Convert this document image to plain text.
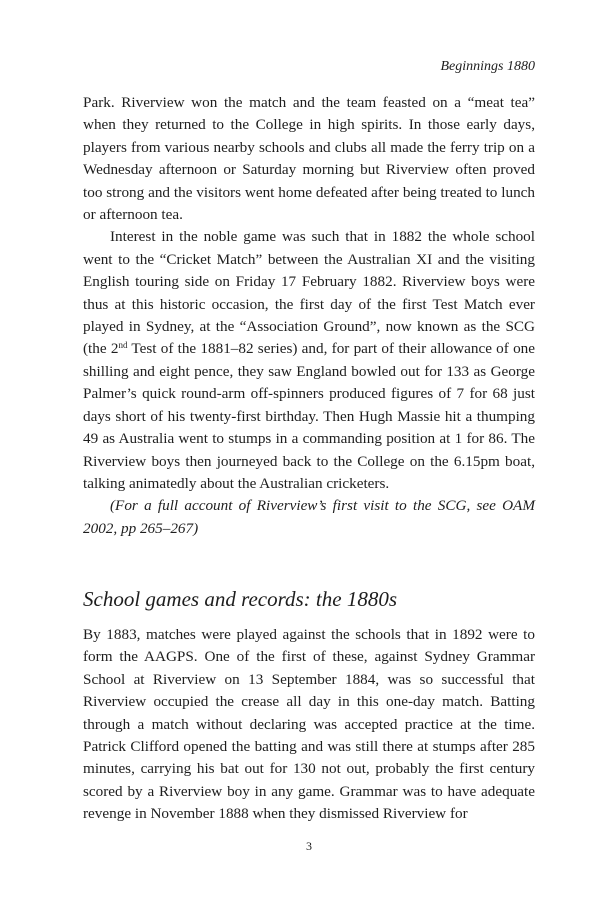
Beginnings 1880

Park. Riverview won the match and the team feasted on a “meat tea” when they returned to the College in high spirits. In those early days, players from various nearby schools and clubs all made the ferry trip on a Wednesday afternoon or Saturday morning but Riverview often proved too strong and the visitors went home defeated after being treated to lunch or afternoon tea.

Interest in the noble game was such that in 1882 the whole school went to the “Cricket Match” between the Australian XI and the visiting English touring side on Friday 17 February 1882. Riverview boys were thus at this historic occasion, the first day of the first Test Match ever played in Sydney, at the “Association Ground”, now known as the SCG (the 2nd Test of the 1881–82 series) and, for part of their allowance of one shilling and eight pence, they saw England bowled out for 133 as George Palmer’s quick round-arm off-spinners produced figures of 7 for 68 just days short of his twenty-first birthday. Then Hugh Massie hit a thumping 49 as Australia went to stumps in a commanding position at 1 for 86. The Riverview boys then journeyed back to the College on the 6.15pm boat, talking animatedly about the Australian cricketers.

(For a full account of Riverview’s first visit to the SCG, see OAM 2002, pp 265–267)

School games and records: the 1880s

By 1883, matches were played against the schools that in 1892 were to form the AAGPS. One of the first of these, against Sydney Grammar School at Riverview on 13 September 1884, was so successful that Riverview occupied the crease all day in this one-day match. Batting through a match without declaring was accepted practice at the time. Patrick Clifford opened the batting and was still there at stumps after 285 minutes, carrying his bat out for 130 not out, probably the first century scored by a Riverview boy in any game. Grammar was to have adequate revenge in November 1888 when they dismissed Riverview for

3
